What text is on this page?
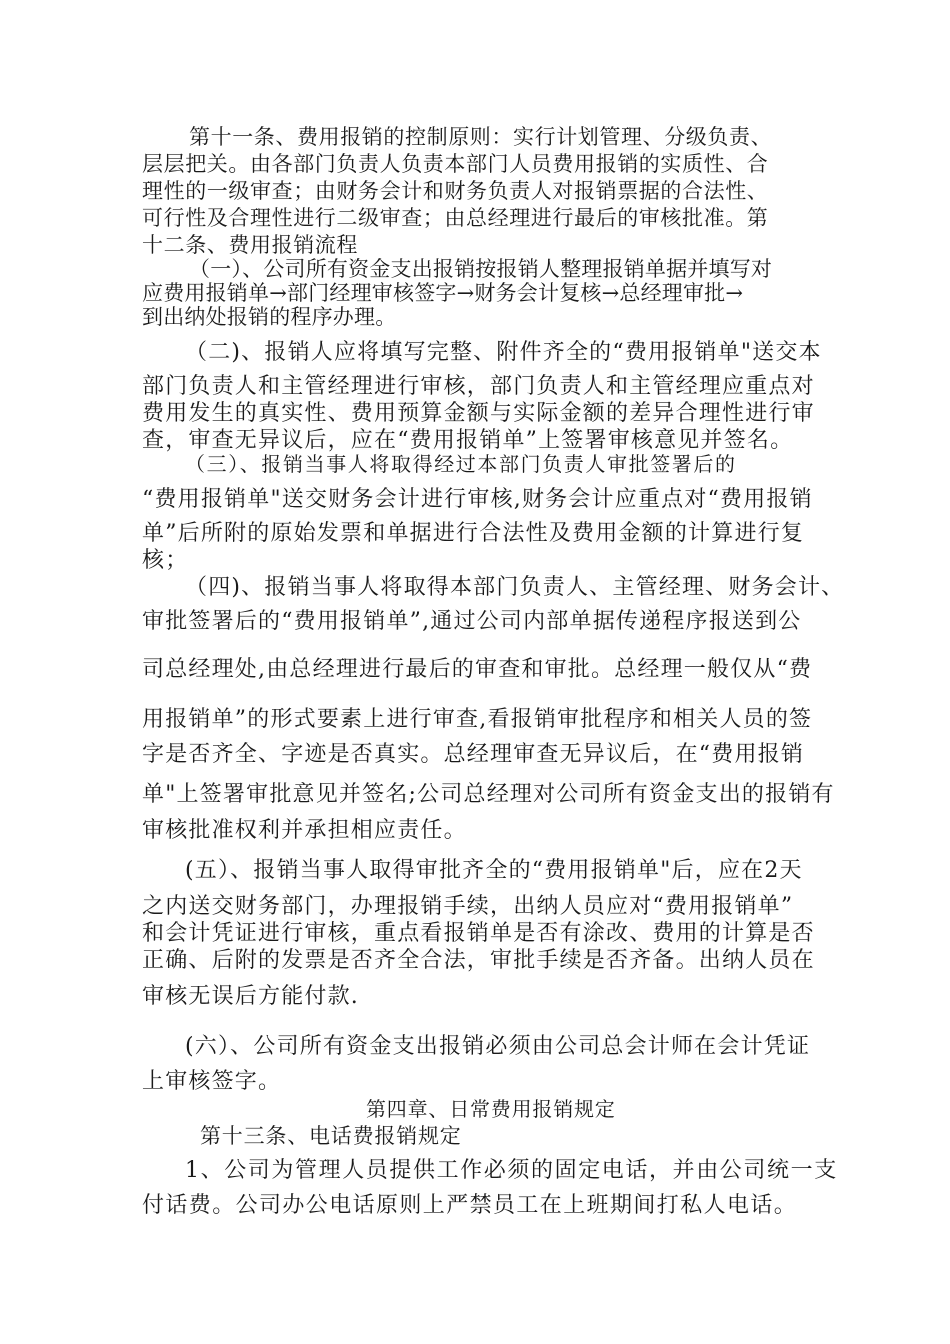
第十一条、费用报销的控制原则：实行计划管理、分级负责、
层层把关。由各部门负责人负责本部门人员费用报销的实质性、合
理性的一级审查；由财务会计和财务负责人对报销票据的合法性、
可行性及合理性进行二级审查；由总经理进行最后的审核批准。第
十二条、费用报销流程
（一）、公司所有资金支出报销按报销人整理报销单据并填写对
应费用报销单→部门经理审核签字→财务会计复核→总经理审批→
到出纳处报销的程序办理。
（二)、报销人应将填写完整、附件齐全的“费用报销单"送交本
部门负责人和主管经理进行审核，部门负责人和主管经理应重点对
费用发生的真实性、费用预算金额与实际金额的差异合理性进行审
查，审查无异议后，应在“费用报销单”上签署审核意见并签名。
（三）、报销当事人将取得经过本部门负责人审批签署后的
“费用报销单"送交财务会计进行审核,财务会计应重点对“费用报销
单”后所附的原始发票和单据进行合法性及费用金额的计算进行复
核；
（四)、报销当事人将取得本部门负责人、主管经理、财务会计、
审批签署后的“费用报销单”,通过公司内部单据传递程序报送到公
司总经理处,由总经理进行最后的审查和审批。总经理一般仅从“费
用报销单”的形式要素上进行审查,看报销审批程序和相关人员的签
字是否齐全、字迹是否真实。总经理审查无异议后，在“费用报销
单"上签署审批意见并签名;公司总经理对公司所有资金支出的报销有
审核批准权利并承担相应责任。
(五）、报销当事人取得审批齐全的“费用报销单"后，应在2天
之内送交财务部门，办理报销手续，出纳人员应对“费用报销单”
和会计凭证进行审核，重点看报销单是否有涂改、费用的计算是否
正确、后附的发票是否齐全合法，审批手续是否齐备。出纳人员在
审核无误后方能付款.
(六）、公司所有资金支出报销必须由公司总会计师在会计凭证
上审核签字。
第四章、日常费用报销规定
第十三条、电话费报销规定
1、公司为管理人员提供工作必须的固定电话，并由公司统一支
付话费。公司办公电话原则上严禁员工在上班期间打私人电话。
